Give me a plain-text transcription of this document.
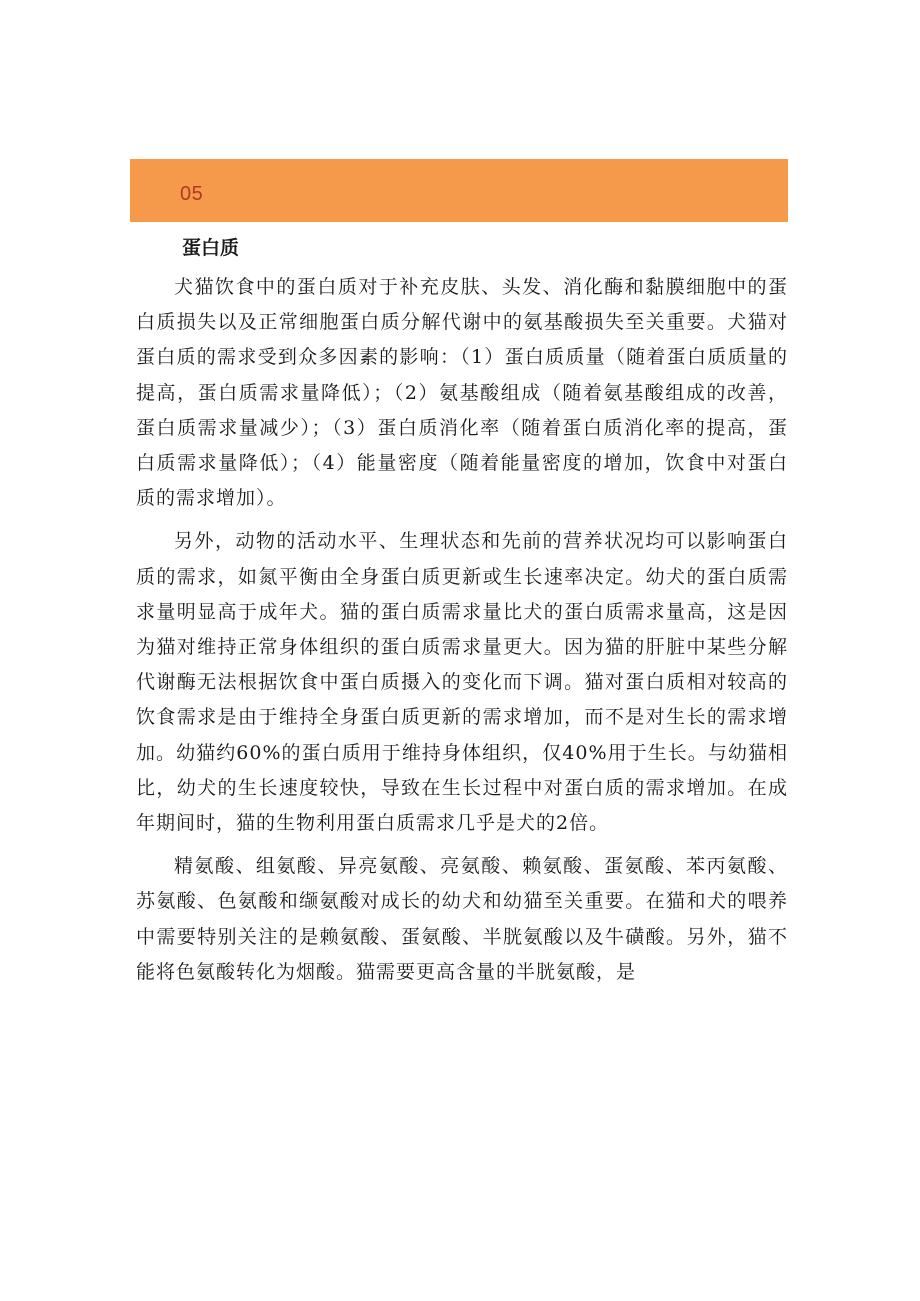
05
蛋白质

犬猫饮食中的蛋白质对于补充皮肤、头发、消化酶和黏膜细胞中的蛋白质损失以及正常细胞蛋白质分解代谢中的氨基酸损失至关重要。犬猫对蛋白质的需求受到众多因素的影响：（1）蛋白质质量（随着蛋白质质量的提高，蛋白质需求量降低）；（2）氨基酸组成（随着氨基酸组成的改善，蛋白质需求量减少）；（3）蛋白质消化率（随着蛋白质消化率的提高，蛋白质需求量降低）；（4）能量密度（随着能量密度的增加，饮食中对蛋白质的需求增加）。

另外，动物的活动水平、生理状态和先前的营养状况均可以影响蛋白质的需求，如氮平衡由全身蛋白质更新或生长速率决定。幼犬的蛋白质需求量明显高于成年犬。猫的蛋白质需求量比犬的蛋白质需求量高，这是因为猫对维持正常身体组织的蛋白质需求量更大。因为猫的肝脏中某些分解代谢酶无法根据饮食中蛋白质摄入的变化而下调。猫对蛋白质相对较高的饮食需求是由于维持全身蛋白质更新的需求增加，而不是对生长的需求增加。幼猫约60%的蛋白质用于维持身体组织，仅40%用于生长。与幼猫相比，幼犬的生长速度较快，导致在生长过程中对蛋白质的需求增加。在成年期间时，猫的生物利用蛋白质需求几乎是犬的2倍。

精氨酸、组氨酸、异亮氨酸、亮氨酸、赖氨酸、蛋氨酸、苯丙氨酸、苏氨酸、色氨酸和缬氨酸对成长的幼犬和幼猫至关重要。在猫和犬的喂养中需要特别关注的是赖氨酸、蛋氨酸、半胱氨酸以及牛磺酸。另外，猫不能将色氨酸转化为烟酸。猫需要更高含量的半胱氨酸，是
